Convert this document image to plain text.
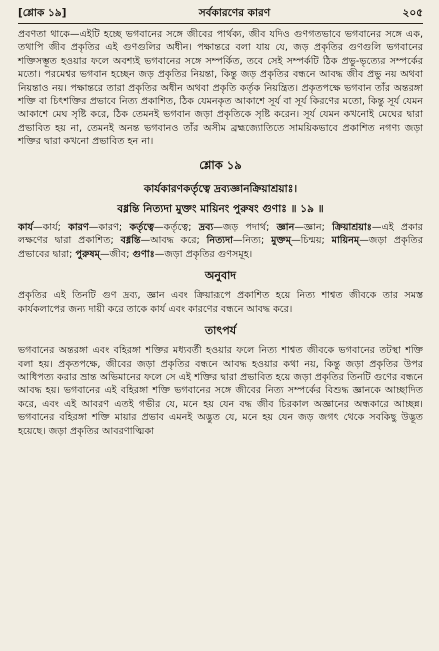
[শ্লোক ১৯]	সর্বকারণের কারণ	২০৫

প্রবণতা থাকে—এইটি হচ্ছে ভগবানের সঙ্গে জীবের পার্থক্য, জীব যদিও গুণগতভাবে ভগবানের সঙ্গে এক, তথাপি জীব প্রকৃতির এই গুণগুলির অধীন। পক্ষান্তরে বলা যায় যে, জড় প্রকৃতির গুণগুলি ভগবানের শক্তিসম্ভূত হওয়ার ফলে অবশ্যই ভগবানের সঙ্গে সম্পর্কিত, তবে সেই সম্পর্কটি ঠিক প্রভু-ভৃত্যের সম্পর্কের মতো। পরমেশ্বর ভগবান হচ্ছেন জড় প্রকৃতির নিয়ন্তা, কিন্তু জড় প্রকৃতির বন্ধনে আবদ্ধ জীব প্রভু নয় অথবা নিয়ন্তাও নয়। পক্ষান্তরে তারা প্রকৃতির অধীন অথবা প্রকৃতি কর্তৃক নিয়ন্ত্রিত। প্রকৃতপক্ষে ভগবান তাঁর অন্তরঙ্গা শক্তি বা চিৎশক্তির প্রভাবে নিত্য প্রকাশিত, ঠিক যেমনকৃত আকাশে সূর্য বা সূর্য কিরণের মতো, কিন্তু সূর্য যেমন আকাশে মেঘ সৃষ্টি করে, ঠিক তেমনই ভগবান জড়া প্রকৃতিকে সৃষ্টি করেন। সূর্য যেমন কখনোই মেঘের দ্বারা প্রভাবিত হয় না, তেমনই অনন্ত ভগবানও তাঁর অসীম ব্রহ্মজ্যোতিতে সাময়িকভাবে প্রকাশিত নগণ্য জড়া শক্তির দ্বারা কখনো প্রভাবিত হন না।

শ্লোক ১৯

কার্যকারণকর্তৃত্বে দ্রব্যজ্ঞানক্রিয়াশ্রয়াঃ।

বধ্নন্তি নিত্যদা মুক্তং মায়িনং পুরুষং গুণাঃ ॥ ১৯ ॥

কার্য—কার্য; কারণ—কারণ; কর্তৃত্বে—কর্তৃত্বে; দ্রব্য—জড় পদার্থ; জ্ঞান—জ্ঞান; ক্রিয়াশ্রয়াঃ—এই প্রকার লক্ষণের দ্বারা প্রকাশিত; বধ্নন্তি—আবদ্ধ করে; নিত্যদা—নিত্য; মুক্তম্—চিন্ময়; মায়িনম্—জড়া প্রকৃতির প্রভাবের দ্বারা; পুরুষম্—জীব; গুণাঃ—জড়া প্রকৃতির গুণসমূহ।

অনুবাদ

প্রকৃতির এই তিনটি গুণ দ্রব্য, জ্ঞান এবং ক্রিয়ারূপে প্রকাশিত হয়ে নিত্য শাশ্বত জীবকে তার সমস্ত কার্যকলাপের জন্য দায়ী করে তাকে কার্য এবং কারণের বন্ধনে আবদ্ধ করে।

তাৎপর্য

ভগবানের অন্তরঙ্গা এবং বহিরঙ্গা শক্তির মধ্যবর্তী হওয়ার ফলে নিত্য শাশ্বত জীবকে ভগবানের তটস্থা শক্তি বলা হয়। প্রকৃতপক্ষে, জীবের জড়া প্রকৃতির বন্ধনে আবদ্ধ হওয়ার কথা নয়, কিন্তু জড়া প্রকৃতির উপর আধিপত্য করার ভ্রান্ত অভিমানের ফলে সে এই শক্তির দ্বারা প্রভাবিত হয়ে জড়া প্রকৃতির তিনটি গুণের বন্ধনে আবদ্ধ হয়। ভগবানের এই বহিরঙ্গা শক্তি ভগবানের সঙ্গে জীবের নিত্য সম্পর্কের বিশুদ্ধ জ্ঞানকে আচ্ছাদিত করে, এবং এই আবরণ এতই গভীর যে, মনে হয় যেন বদ্ধ জীব চিরকাল অজ্ঞানের অন্ধকারে আচ্ছন্ন। ভগবানের বহিরঙ্গা শক্তি মায়ার প্রভাব এমনই অদ্ভুত যে, মনে হয় যেন জড় জগৎ থেকে সবকিছু উদ্ভূত হয়েছে। জড়া প্রকৃতির আবরণাত্মিকা
